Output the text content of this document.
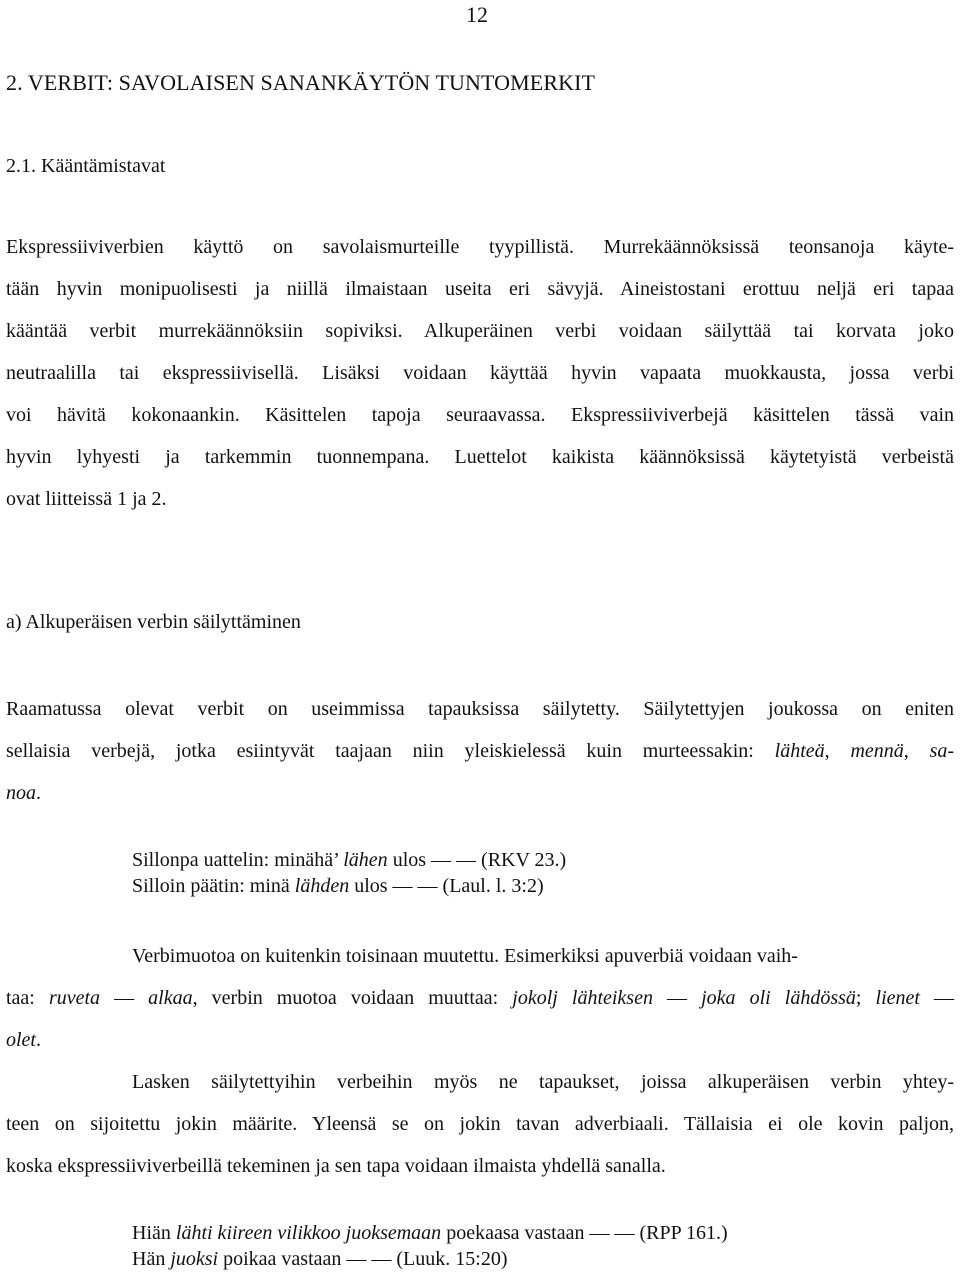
12
2. VERBIT: SAVOLAISEN SANANKÄYTÖN TUNTOMERKIT
2.1. Kääntämistavat
Ekspressiiviverbien käyttö on savolaismurteille tyypillistä. Murrekäännöksissä teonsanoja käyte-
tään hyvin monipuolisesti ja niillä ilmaistaan useita eri sävyjä. Aineistostani erottuu neljä eri tapaa
kääntää verbit murrekäännöksiin sopiviksi. Alkuperäinen verbi voidaan säilyttää tai korvata joko
neutraalilla tai ekspressiivisellä. Lisäksi voidaan käyttää hyvin vapaata muokkausta, jossa verbi
voi hävitä kokonaankin. Käsittelen tapoja seuraavassa. Ekspressiiviverbejä käsittelen tässä vain
hyvin lyhyesti ja tarkemmin tuonnempana. Luettelot kaikista käännöksissä käytetyistä verbeistä
ovat liitteissä 1 ja 2.
a) Alkuperäisen verbin säilyttäminen
Raamatussa olevat verbit on useimmissa tapauksissa säilytetty. Säilytettyjen joukossa on eniten
sellaisia verbejä, jotka esiintyvät taajaan niin yleiskielessä kuin murteessakin: lähteä, mennä, sa-
noa.
Sillonpa uattelin: minähä’ lähen ulos — — (RKV 23.)
Silloin päätin: minä lähden ulos — — (Laul. l. 3:2)
Verbimuotoa on kuitenkin toisinaan muutettu. Esimerkiksi apuverbiä voidaan vaih-
taa: ruveta — alkaa, verbin muotoa voidaan muuttaa: jokolj lähteiksen — joka oli lähdössä; lienet —
olet.
Lasken säilytettyihin verbeihin myös ne tapaukset, joissa alkuperäisen verbin yhtey-
teen on sijoitettu jokin määrite. Yleensä se on jokin tavan adverbiaali. Tällaisia ei ole kovin paljon,
koska ekspressiiviverbeillä tekeminen ja sen tapa voidaan ilmaista yhdellä sanalla.
Hiän lähti kiireen vilikkoo juoksemaan poekaasa vastaan — — (RPP 161.)
Hän juoksi poikaa vastaan — — (Luuk. 15:20)
